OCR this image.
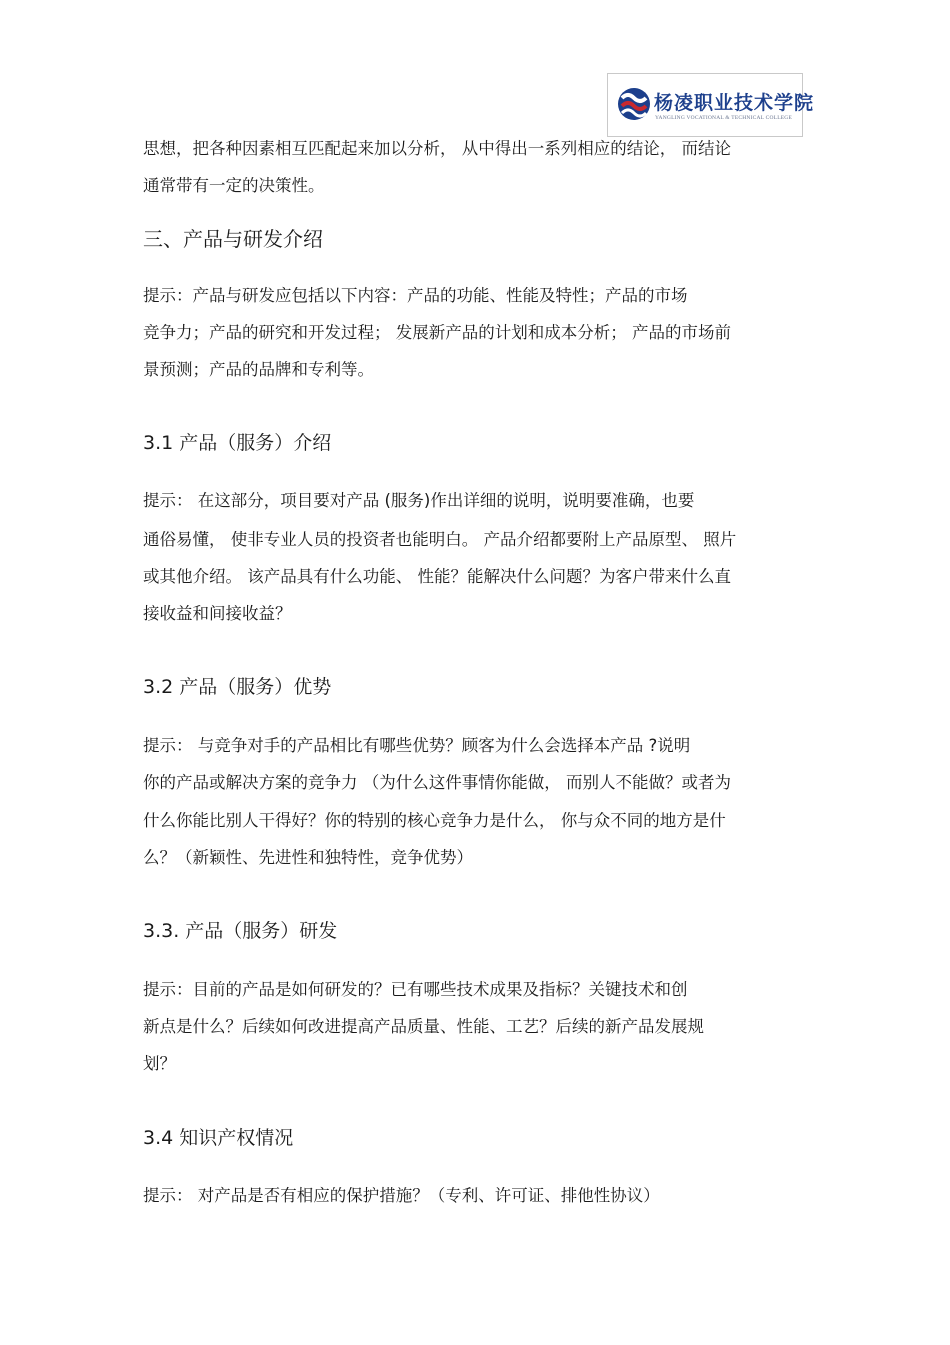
杨凌职业技术学院
YANGLING VOCATIONAL & TECHNICAL COLLEGE
思想，把各种因素相互匹配起来加以分析， 从中得出一系列相应的结论， 而结论
通常带有一定的决策性。
三、产品与研发介绍
提示：产品与研发应包括以下内容：产品的功能、性能及特性；产品的市场
竞争力；产品的研究和开发过程； 发展新产品的计划和成本分析； 产品的市场前
景预测；产品的品牌和专利等。
3.1 产品（服务）介绍
提示： 在这部分，项目要对产品 (服务)作出详细的说明，说明要准确，也要
通俗易懂， 使非专业人员的投资者也能明白。 产品介绍都要附上产品原型、 照片
或其他介绍。 该产品具有什么功能、 性能？能解决什么问题？为客户带来什么直
接收益和间接收益？
3.2 产品（服务）优势
提示： 与竞争对手的产品相比有哪些优势？顾客为什么会选择本产品 ?说明
你的产品或解决方案的竞争力 （为什么这件事情你能做， 而别人不能做？或者为
什么你能比别人干得好？你的特别的核心竞争力是什么， 你与众不同的地方是什
么？（新颖性、先进性和独特性，竞争优势）
3.3. 产品（服务）研发
提示：目前的产品是如何研发的？已有哪些技术成果及指标？关键技术和创
新点是什么？后续如何改进提高产品质量、性能、工艺？后续的新产品发展规
划？
3.4 知识产权情况
提示： 对产品是否有相应的保护措施？（专利、许可证、排他性协议）
